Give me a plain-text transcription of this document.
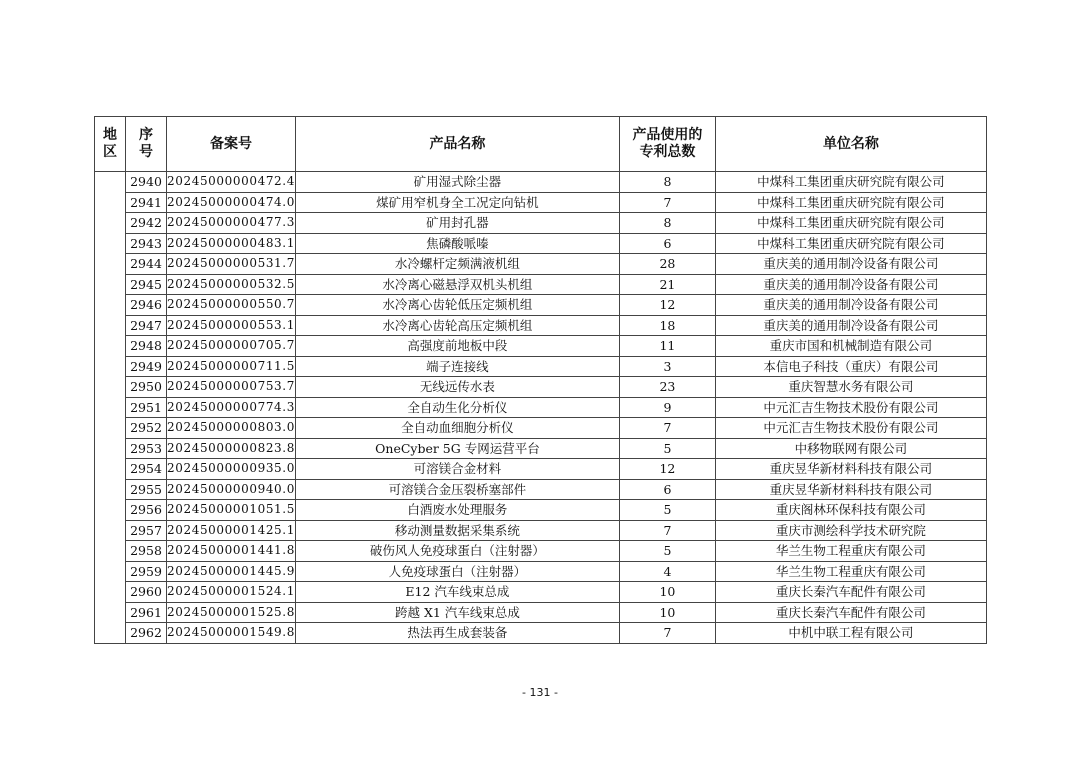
地
区	序
号	备案号	产品名称	产品使用的
专利总数	单位名称
	2940	20245000000472.4	矿用湿式除尘器	8	中煤科工集团重庆研究院有限公司
	2941	20245000000474.0	煤矿用窄机身全工况定向钻机	7	中煤科工集团重庆研究院有限公司
	2942	20245000000477.3	矿用封孔器	8	中煤科工集团重庆研究院有限公司
	2943	20245000000483.1	焦磷酸哌嗪	6	中煤科工集团重庆研究院有限公司
	2944	20245000000531.7	水冷螺杆定频满液机组	28	重庆美的通用制冷设备有限公司
	2945	20245000000532.5	水冷离心磁悬浮双机头机组	21	重庆美的通用制冷设备有限公司
	2946	20245000000550.7	水冷离心齿轮低压定频机组	12	重庆美的通用制冷设备有限公司
	2947	20245000000553.1	水冷离心齿轮高压定频机组	18	重庆美的通用制冷设备有限公司
	2948	20245000000705.7	高强度前地板中段	11	重庆市国和机械制造有限公司
	2949	20245000000711.5	端子连接线	3	本信电子科技（重庆）有限公司
	2950	20245000000753.7	无线远传水表	23	重庆智慧水务有限公司
	2951	20245000000774.3	全自动生化分析仪	9	中元汇吉生物技术股份有限公司
	2952	20245000000803.0	全自动血细胞分析仪	7	中元汇吉生物技术股份有限公司
	2953	20245000000823.8	OneCyber 5G 专网运营平台	5	中移物联网有限公司
	2954	20245000000935.0	可溶镁合金材料	12	重庆昱华新材料科技有限公司
	2955	20245000000940.0	可溶镁合金压裂桥塞部件	6	重庆昱华新材料科技有限公司
	2956	20245000001051.5	白酒废水处理服务	5	重庆阁林环保科技有限公司
	2957	20245000001425.1	移动测量数据采集系统	7	重庆市测绘科学技术研究院
	2958	20245000001441.8	破伤风人免疫球蛋白（注射器）	5	华兰生物工程重庆有限公司
	2959	20245000001445.9	人免疫球蛋白（注射器）	4	华兰生物工程重庆有限公司
	2960	20245000001524.1	E12 汽车线束总成	10	重庆长秦汽车配件有限公司
	2961	20245000001525.8	跨越 X1 汽车线束总成	10	重庆长秦汽车配件有限公司
	2962	20245000001549.8	热法再生成套装备	7	中机中联工程有限公司
- 131 -
